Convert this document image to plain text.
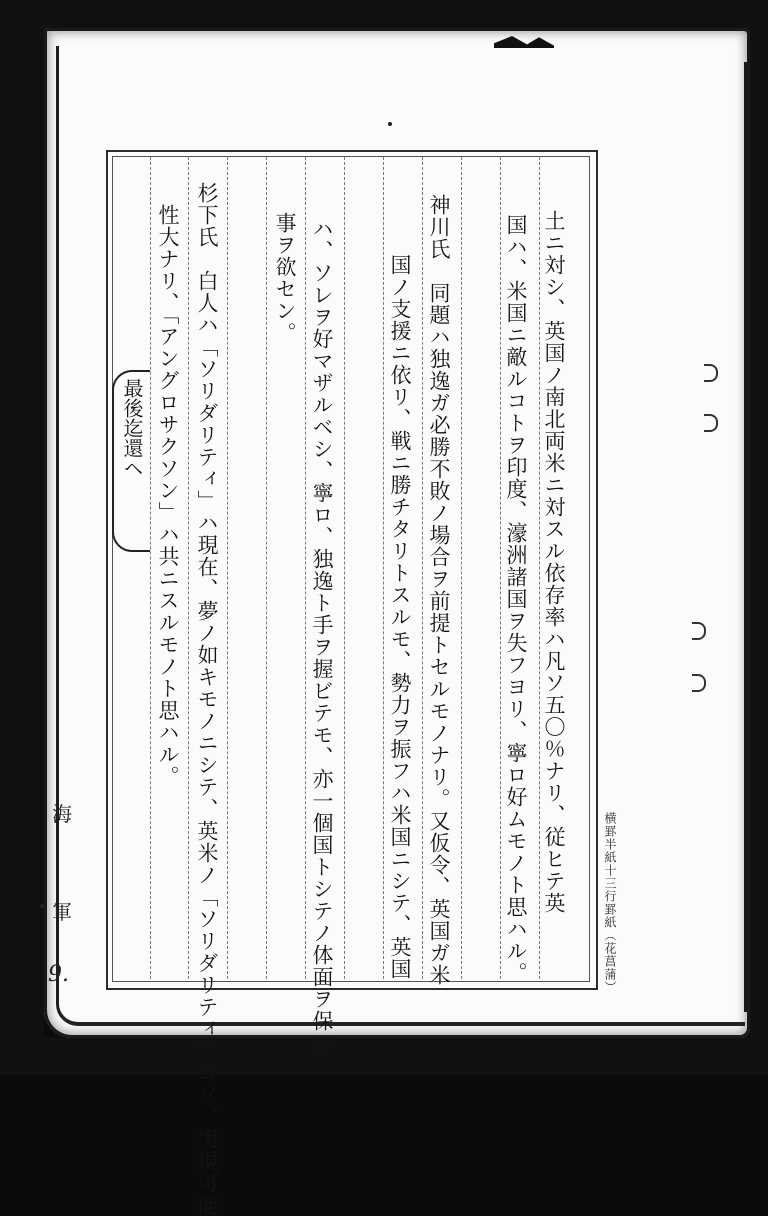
土ニ対シ、英国ノ南北両米ニ対スル依存率ハ凡ソ五〇％ナリ、従ヒテ英
国ハ、米国ニ敵ルコトヲ印度、濠洲諸国ヲ失フヨリ、寧ロ好ムモノト思ハル。
神川氏　同題ハ独逸ガ必勝不敗ノ場合ヲ前提トセルモノナリ。又仮令、英国ガ米
国ノ支援ニ依リ、戦ニ勝チタリトスルモ、勢力ヲ振フハ米国ニシテ、英国
ハ、ソレヲ好マザルベシ、寧ロ、独逸ト手ヲ握ビテモ、亦一個国トシテノ体面ヲ保ツ
事ヲ欲セン。
杉下氏　白人ハ「ソリダリティ」ハ現在、夢ノ如キモノニシテ、英米ノ「ソリダリティ」コソ、実現可能
性大ナリ、「アングロサクソン」ハ共ニスルモノト思ハル。
最後迄還ヘ
横罫半紙十三行罫紙（花菖蒲）
海
軍
9.
